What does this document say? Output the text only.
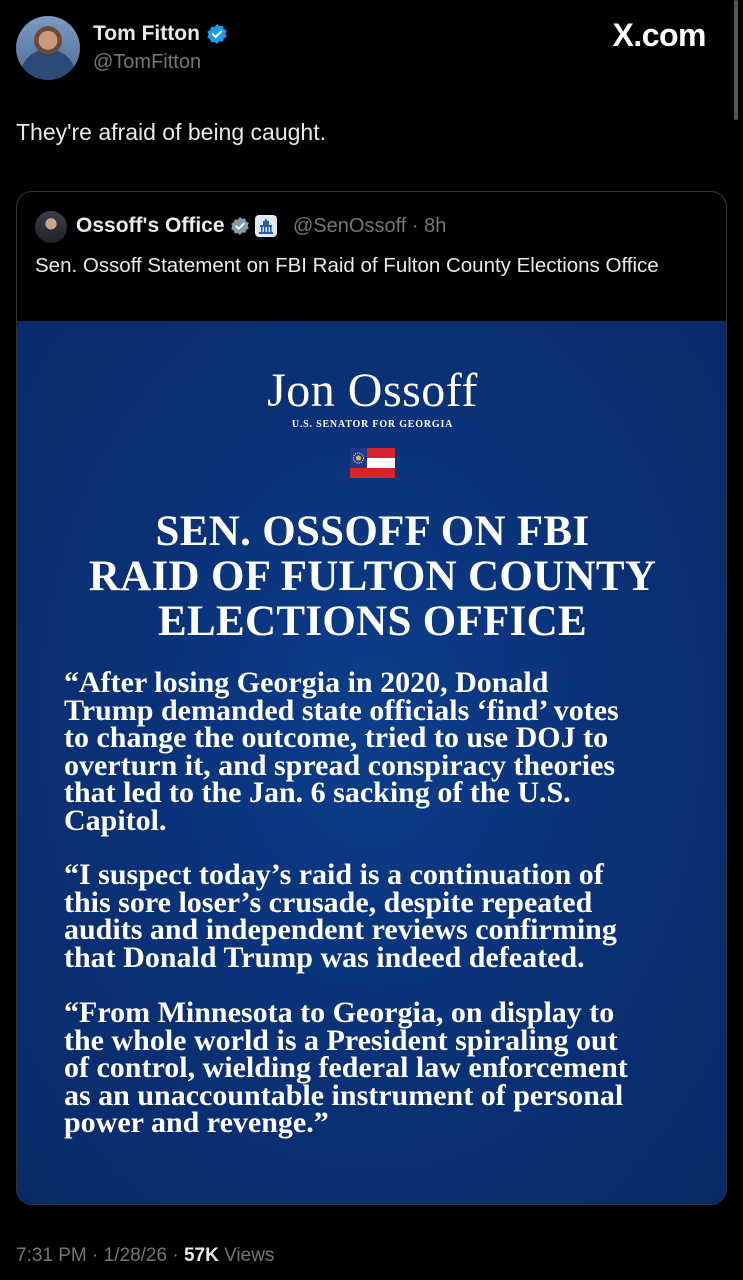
Tom Fitton
@TomFitton
X.com
They're afraid of being caught.
Ossoff's Office	@SenOssoff · 8h
Sen. Ossoff Statement on FBI Raid of Fulton County Elections Office
Jon Ossoff
U.S. SENATOR FOR GEORGIA
SEN. OSSOFF ON FBI
RAID OF FULTON COUNTY
ELECTIONS OFFICE
“After losing Georgia in 2020, Donald
Trump demanded state officials ‘find’ votes
to change the outcome, tried to use DOJ to
overturn it, and spread conspiracy theories
that led to the Jan. 6 sacking of the U.S.
Capitol.
“I suspect today’s raid is a continuation of
this sore loser’s crusade, despite repeated
audits and independent reviews confirming
that Donald Trump was indeed defeated.
“From Minnesota to Georgia, on display to
the whole world is a President spiraling out
of control, wielding federal law enforcement
as an unaccountable instrument of personal
power and revenge.”
7:31 PM · 1/28/26 · 57K Views
